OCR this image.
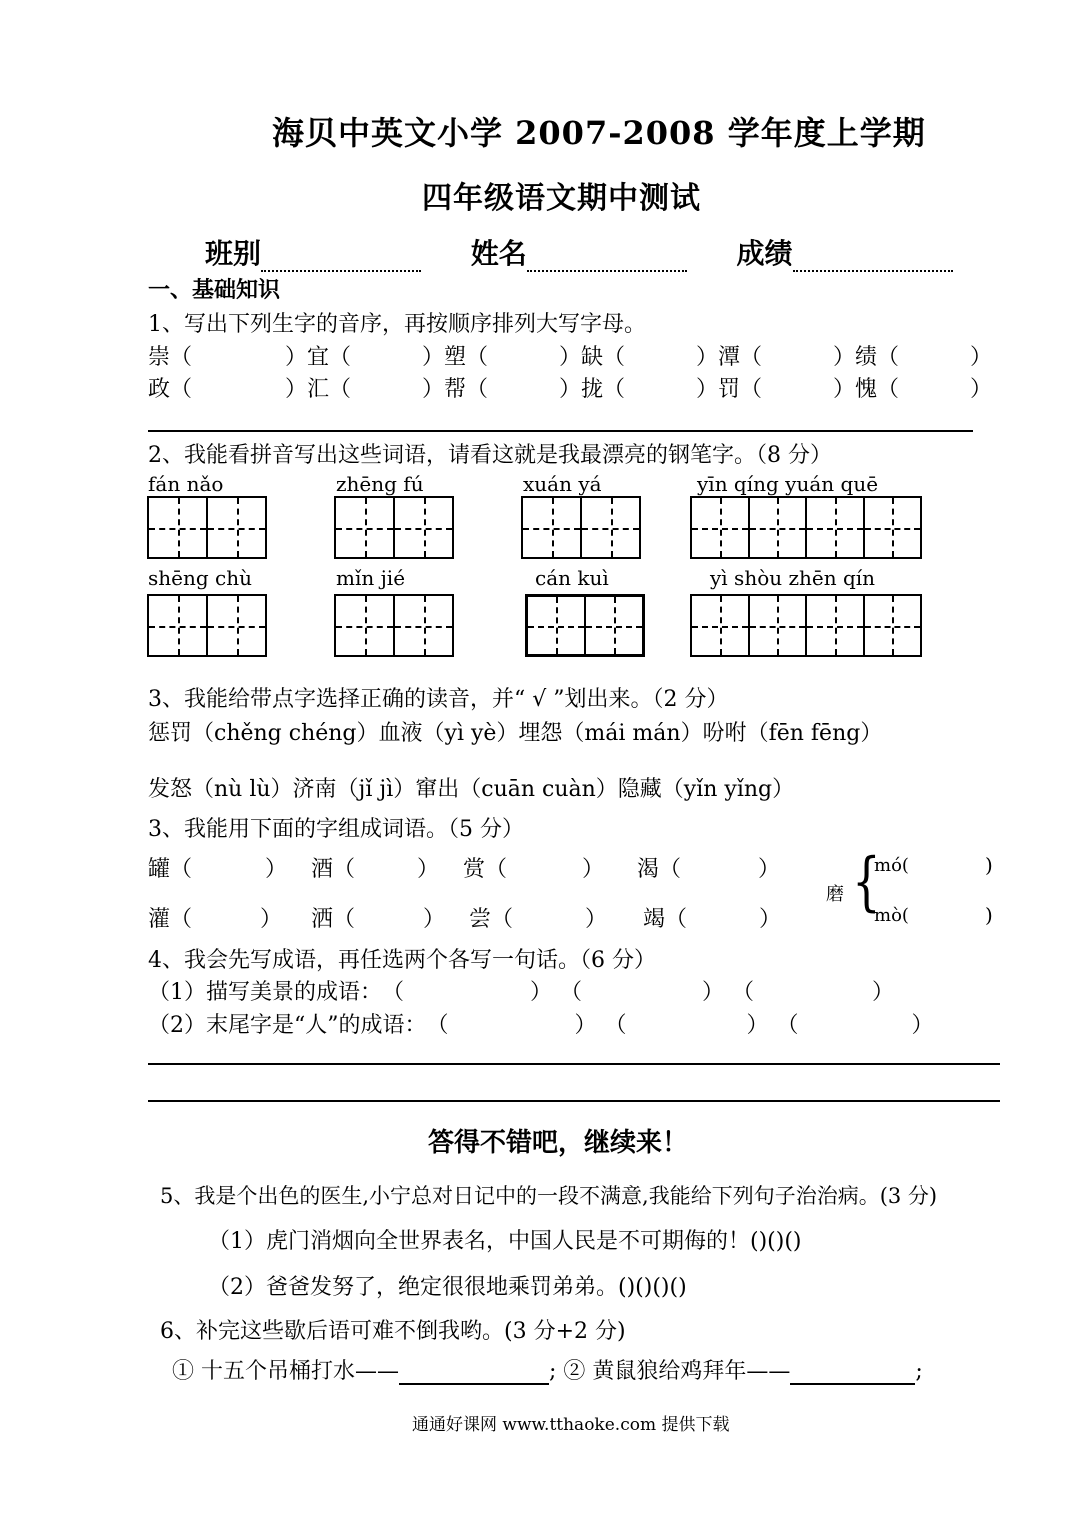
海贝中英文小学 2007-2008 学年度上学期
四年级语文期中测试
班别	姓名	成绩
一、基础知识
1、写出下列生字的音序，再按顺序排列大写字母。
崇（	）宜（	）塑（	）缺（	）潭（	）绩（	）
政（	）汇（	）帮（	）拢（	）罚（	）愧（	）
2、我能看拼音写出这些词语，请看这就是我最漂亮的钢笔字。（8 分）
fán nǎo	zhēng fú	xuán yá	yīn qíng yuán quē
shēng chù	mǐn jié	cán kuì	yì shòu zhēn qín
3、我能给带点字选择正确的读音，并“ √ ”划出来。（2 分）
惩罚（chěng chéng）血液（yì yè）埋怨（mái mán）吩咐（fēn fēng）
发怒（nù lù）济南（jǐ jì）窜出（cuān cuàn）隐藏（yǐn yǐng）
3、我能用下面的字组成词语。（5 分）
罐（	）	酒（	）	赏（	）	渴（	）
灌（	）	洒（	）	尝（	）	竭（	）
磨 {
mó(	)
mò(	)
4、我会先写成语，再任选两个各写一句话。（6 分）
（1）描写美景的成语：（	） （	） （	）
（2）末尾字是“人”的成语：（	） （	） （	）
答得不错吧，继续来！
5、我是个出色的医生,小宁总对日记中的一段不满意,我能给下列句子治治病。(3 分)
（1）虎门消烟向全世界表名，中国人民是不可期侮的！()()()
（2）爸爸发努了，绝定很很地乘罚弟弟。()()()()
6、补完这些歇后语可难不倒我哟。(3 分+2 分)
① 十五个吊桶打水——	; ② 黄鼠狼给鸡拜年——	;
通通好课网 www.tthaoke.com 提供下载
